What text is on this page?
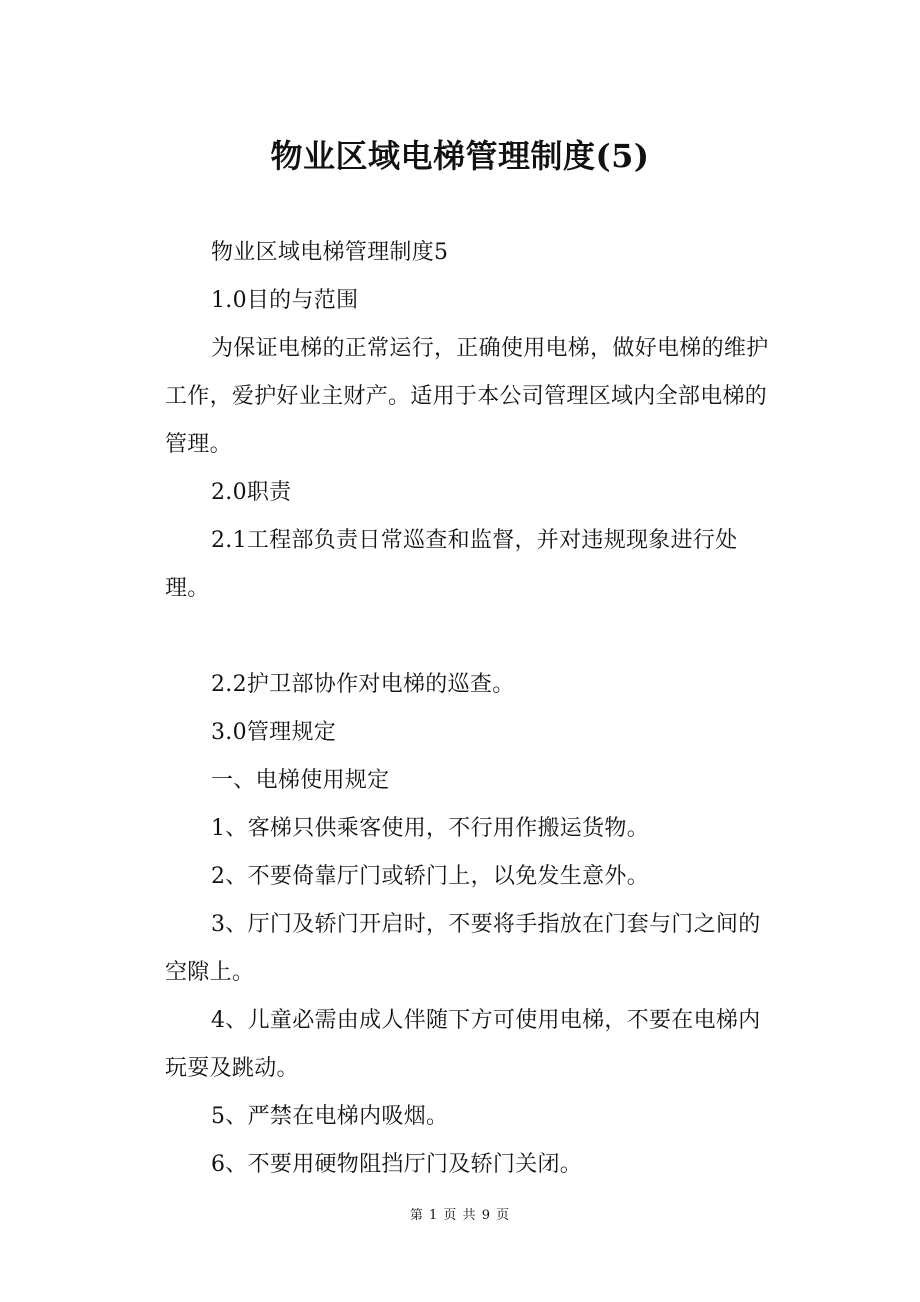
物业区域电梯管理制度(5)

物业区域电梯管理制度5

1.0目的与范围

为保证电梯的正常运行，正确使用电梯，做好电梯的维护工作，爱护好业主财产。适用于本公司管理区域内全部电梯的管理。

2.0职责

2.1工程部负责日常巡查和监督，并对违规现象进行处理。

2.2护卫部协作对电梯的巡查。

3.0管理规定

一、电梯使用规定

1、客梯只供乘客使用，不行用作搬运货物。

2、不要倚靠厅门或轿门上，以免发生意外。

3、厅门及轿门开启时，不要将手指放在门套与门之间的空隙上。

4、儿童必需由成人伴随下方可使用电梯，不要在电梯内玩耍及跳动。

5、严禁在电梯内吸烟。

6、不要用硬物阻挡厅门及轿门关闭。

第 1 页 共 9 页
